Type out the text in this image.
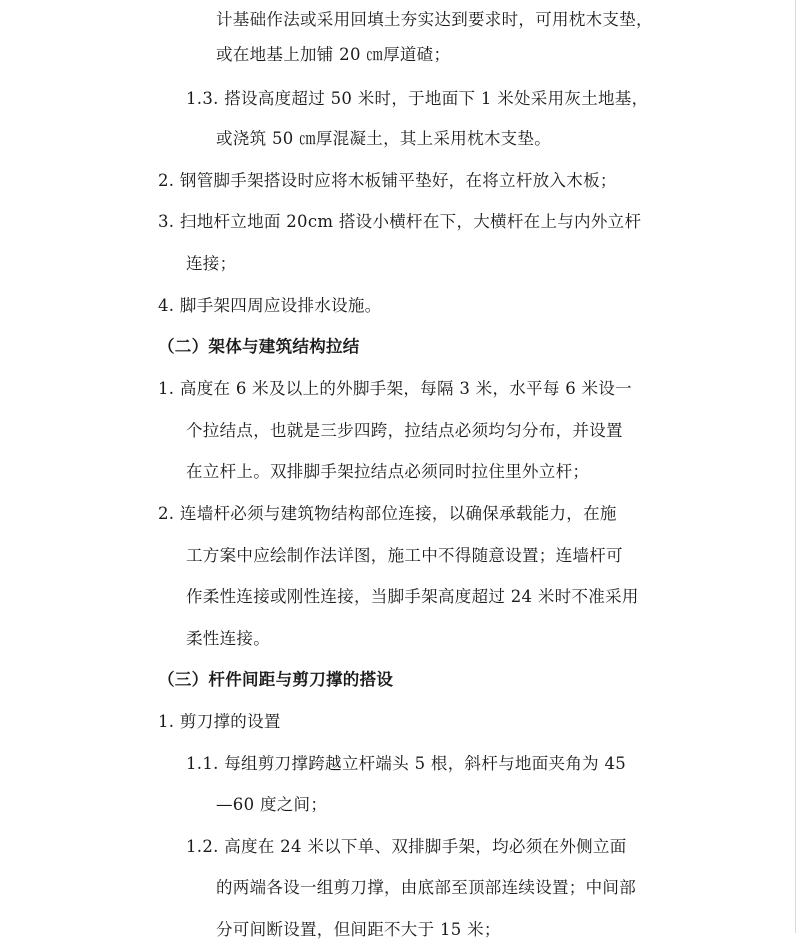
计基础作法或采用回填土夯实达到要求时，可用枕木支垫，
或在地基上加铺 20 ㎝厚道碴；
1.3. 搭设高度超过 50 米时，于地面下 1 米处采用灰土地基，
或浇筑 50 ㎝厚混凝土，其上采用枕木支垫。
2. 钢管脚手架搭设时应将木板铺平垫好，在将立杆放入木板；
3. 扫地杆立地面 20cm 搭设小横杆在下，大横杆在上与内外立杆
连接；
4. 脚手架四周应设排水设施。
（二）架体与建筑结构拉结
1. 高度在 6 米及以上的外脚手架，每隔 3 米，水平每 6 米设一
个拉结点，也就是三步四跨，拉结点必须均匀分布，并设置
在立杆上。双排脚手架拉结点必须同时拉住里外立杆；
2. 连墙杆必须与建筑物结构部位连接，以确保承载能力，在施
工方案中应绘制作法详图，施工中不得随意设置；连墙杆可
作柔性连接或刚性连接，当脚手架高度超过 24 米时不准采用
柔性连接。
（三）杆件间距与剪刀撑的搭设
1. 剪刀撑的设置
1.1. 每组剪刀撑跨越立杆端头 5 根，斜杆与地面夹角为 45
—60 度之间；
1.2. 高度在 24 米以下单、双排脚手架，均必须在外侧立面
的两端各设一组剪刀撑，由底部至顶部连续设置；中间部
分可间断设置，但间距不大于 15 米；
